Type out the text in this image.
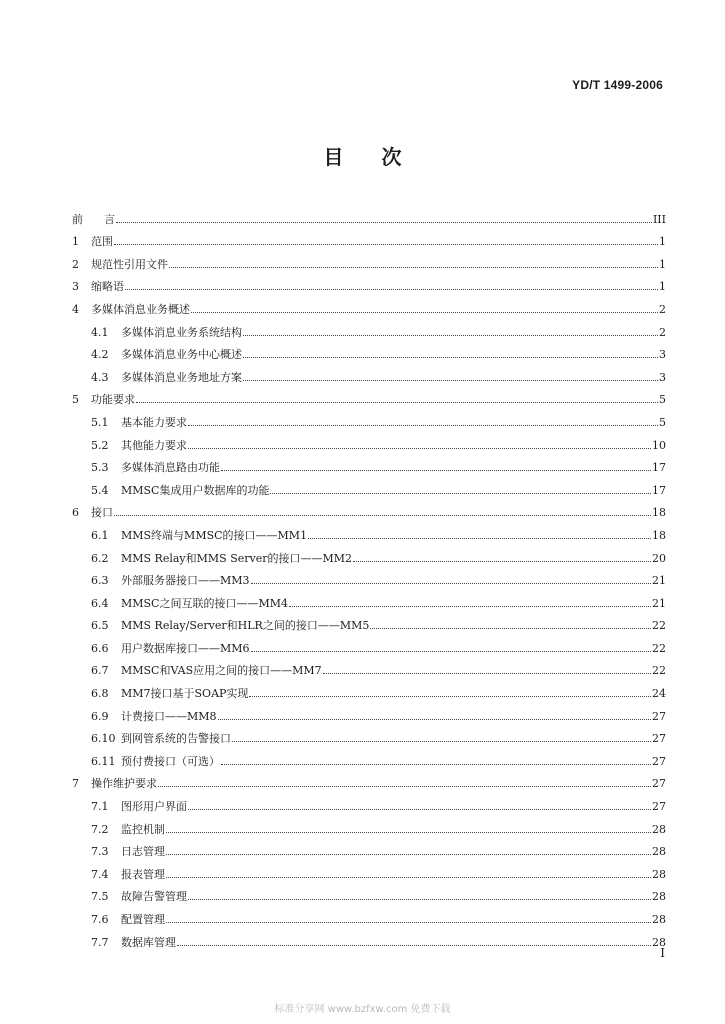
YD/T 1499-2006
目 次
前	言	III
1	范围	1
2	规范性引用文件	1
3	缩略语	1
4	多媒体消息业务概述	2
4.1	多媒体消息业务系统结构	2
4.2	多媒体消息业务中心概述	3
4.3	多媒体消息业务地址方案	3
5	功能要求	5
5.1	基本能力要求	5
5.2	其他能力要求	10
5.3	多媒体消息路由功能	17
5.4	MMSC集成用户数据库的功能	17
6	接口	18
6.1	MMS终端与MMSC的接口——MM1	18
6.2	MMS Relay和MMS Server的接口——MM2	20
6.3	外部服务器接口——MM3	21
6.4	MMSC之间互联的接口——MM4	21
6.5	MMS Relay/Server和HLR之间的接口——MM5	22
6.6	用户数据库接口——MM6	22
6.7	MMSC和VAS应用之间的接口——MM7	22
6.8	MM7接口基于SOAP实现	24
6.9	计费接口——MM8	27
6.10 到网管系统的告警接口	27
6.11 预付费接口（可选）	27
7	操作维护要求	27
7.1	图形用户界面	27
7.2	监控机制	28
7.3	日志管理	28
7.4	报表管理	28
7.5	故障告警管理	28
7.6	配置管理	28
7.7	数据库管理	28
I
标准分享网 www.bzfxw.com 免费下载
